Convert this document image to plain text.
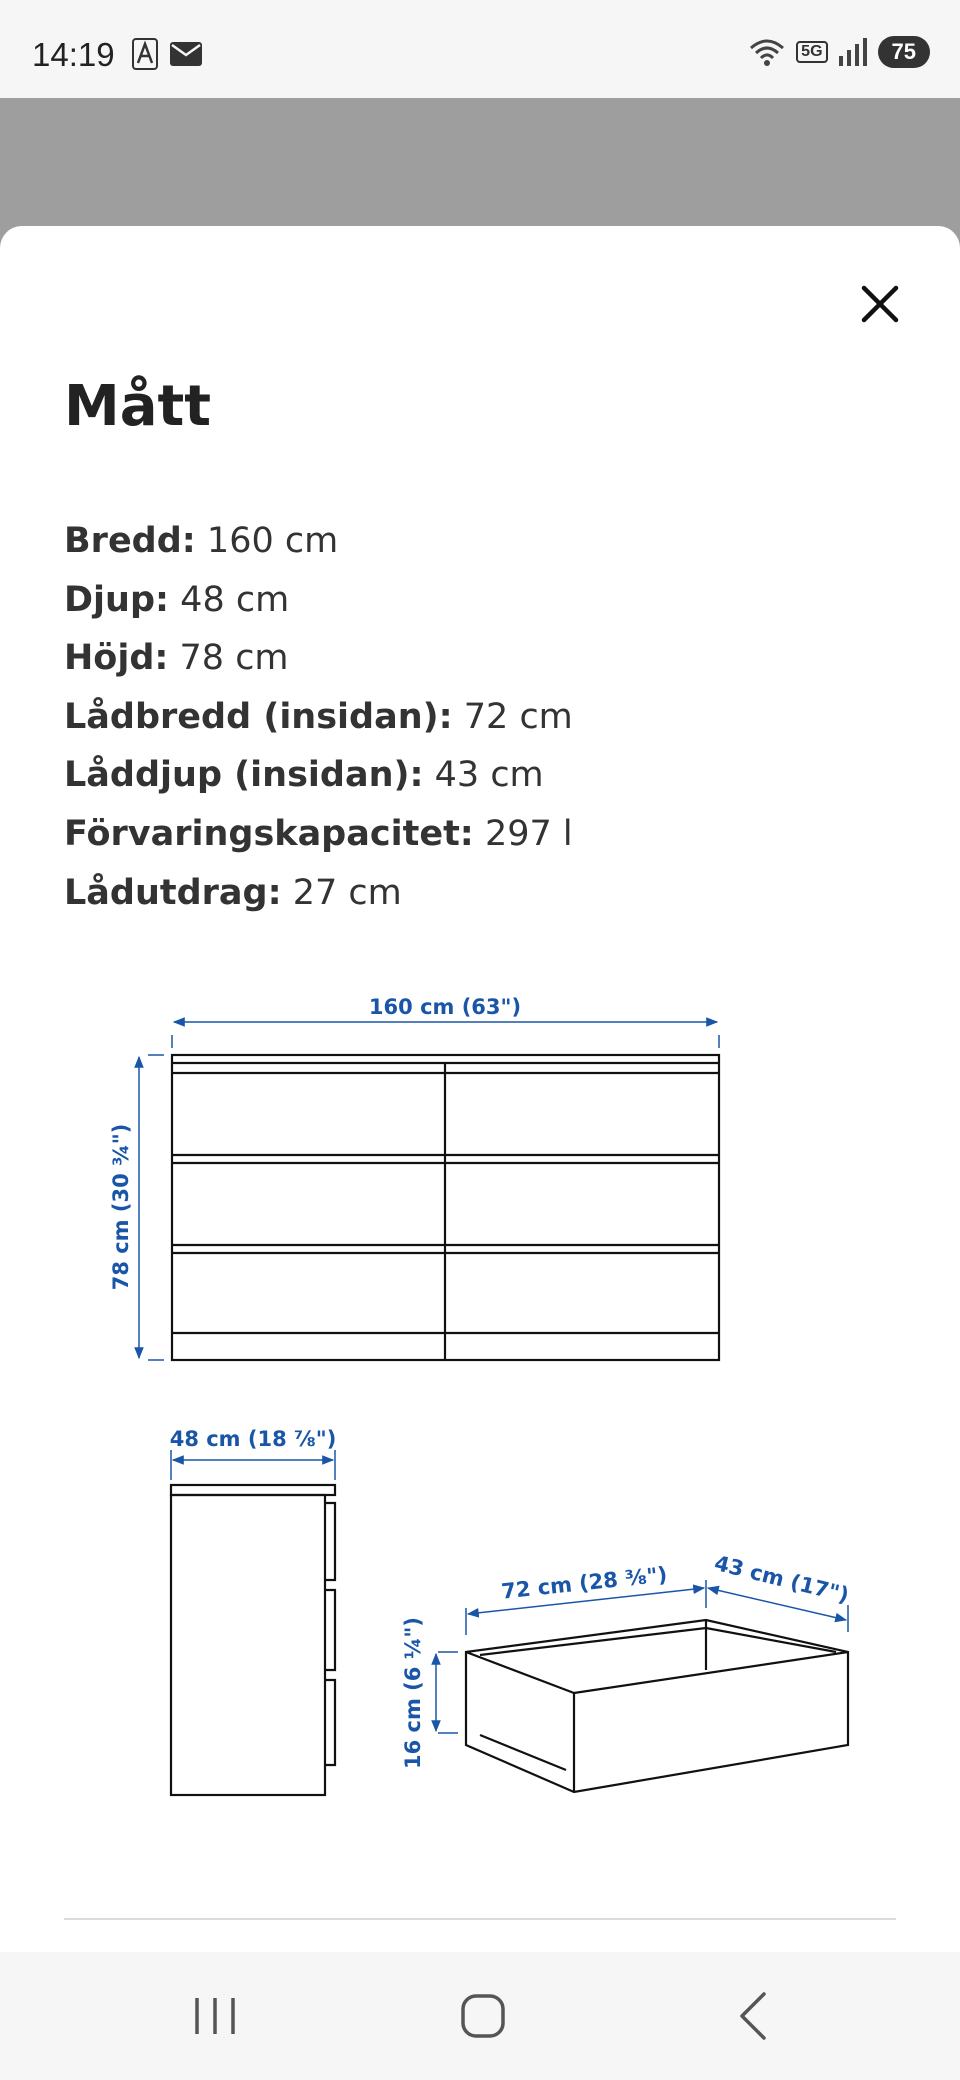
14:19	5G	75
Mått
Bredd: 160 cm
Djup: 48 cm
Höjd: 78 cm
Lådbredd (insidan): 72 cm
Låddjup (insidan): 43 cm
Förvaringskapacitet: 297 l
Lådutdrag: 27 cm
160 cm (63")
78 cm (30 ¾")
48 cm (18 ⅞")
72 cm (28 ⅜") 43 cm (17")
16 cm (6 ¼")
